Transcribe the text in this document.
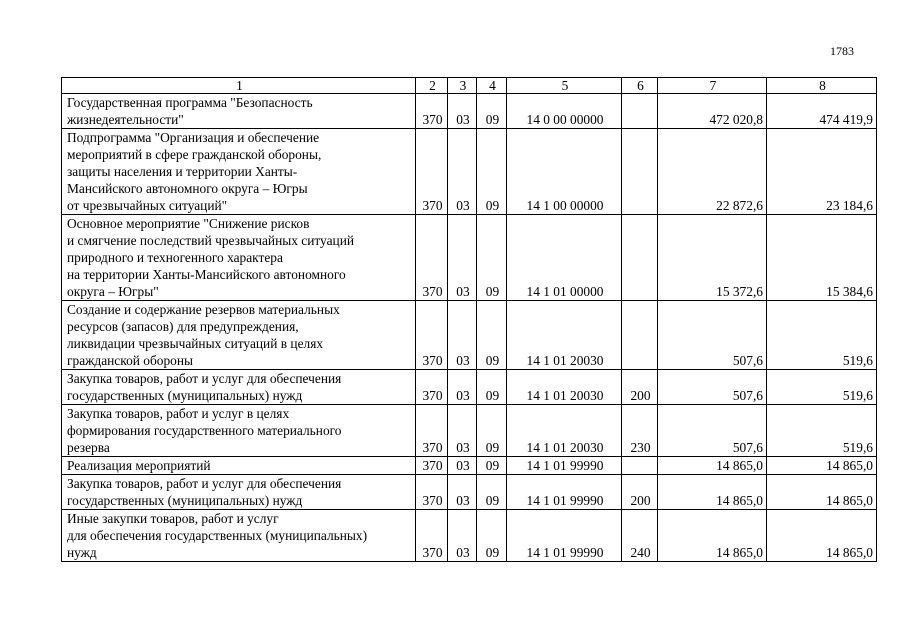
1783
1	2	3	4	5	6	7	8

Государственная программа "Безопасность
жизнедеятельности"	370	03	09	14 0 00 00000		472 020,8	474 419,9

Подпрограмма "Организация и обеспечение
мероприятий в сфере гражданской обороны,
защиты населения и территории Ханты-
Мансийского автономного округа – Югры
от чрезвычайных ситуаций"	370	03	09	14 1 00 00000		22 872,6	23 184,6

Основное мероприятие "Снижение рисков
и смягчение последствий чрезвычайных ситуаций
природного и техногенного характера
на территории Ханты-Мансийского автономного
округа – Югры"	370	03	09	14 1 01 00000		15 372,6	15 384,6

Создание и содержание резервов материальных
ресурсов (запасов) для предупреждения,
ликвидации чрезвычайных ситуаций в целях
гражданской обороны	370	03	09	14 1 01 20030		507,6	519,6

Закупка товаров, работ и услуг для обеспечения
государственных (муниципальных) нужд	370	03	09	14 1 01 20030	200	507,6	519,6

Закупка товаров, работ и услуг в целях
формирования государственного материального
резерва	370	03	09	14 1 01 20030	230	507,6	519,6

Реализация мероприятий	370	03	09	14 1 01 99990		14 865,0	14 865,0

Закупка товаров, работ и услуг для обеспечения
государственных (муниципальных) нужд	370	03	09	14 1 01 99990	200	14 865,0	14 865,0

Иные закупки товаров, работ и услуг
для обеспечения государственных (муниципальных)
нужд	370	03	09	14 1 01 99990	240	14 865,0	14 865,0
